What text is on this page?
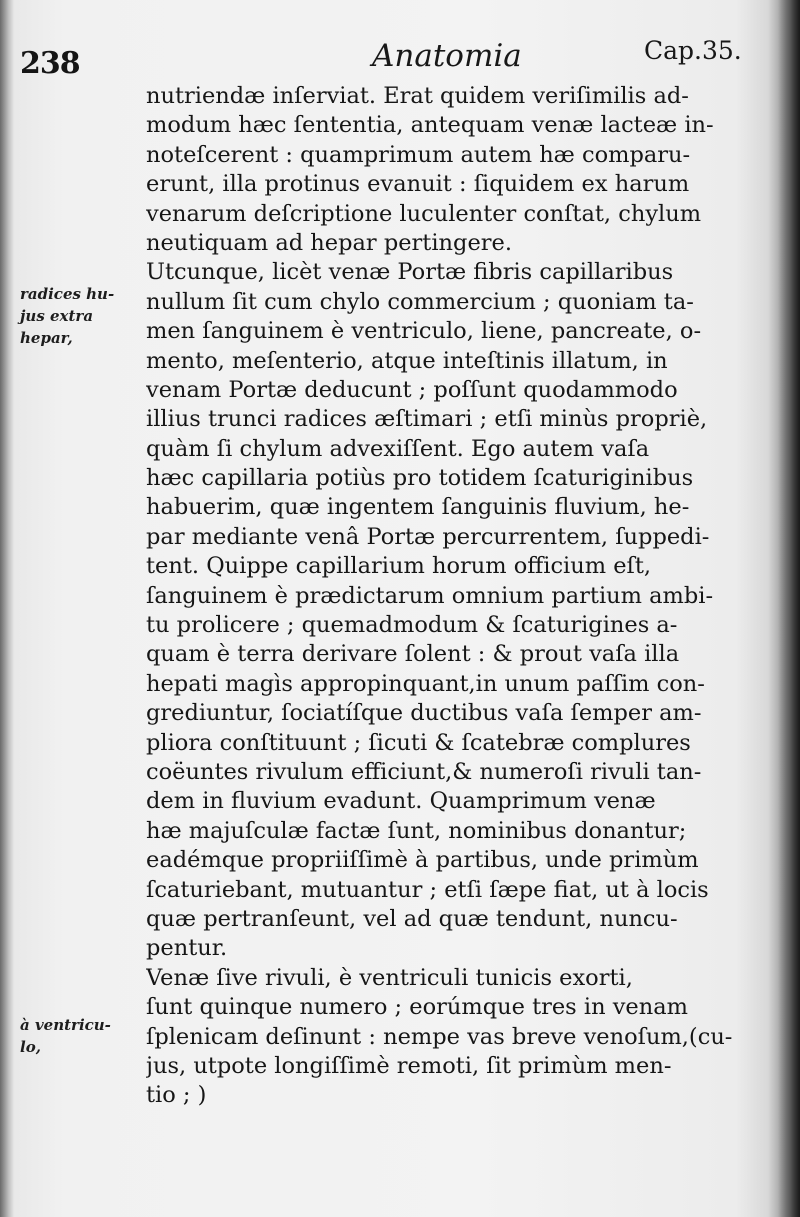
238	Anatomia	Cap.35.
radices hu-
jus extra
hepar,
à ventricu-
lo,
nutriendæ inſerviat. Erat quidem veriſimilis ad-
modum hæc ſententia, antequam venæ lacteæ in-
noteſcerent : quamprimum autem hæ comparu-
erunt, illa protinus evanuit : ſiquidem ex harum
venarum deſcriptione luculenter conſtat, chylum
neutiquam ad hepar pertingere.
Utcunque, licèt venæ Portæ fibris capillaribus
nullum ſit cum chylo commercium ; quoniam ta-
men ſanguinem è ventriculo, liene, pancreate, o-
mento, meſenterio, atque inteſtinis illatum, in
venam Portæ deducunt ; poſſunt quodammodo
illius trunci radices æſtimari ; etſi minùs propriè,
quàm ſi chylum advexiſſent. Ego autem vaſa
hæc capillaria potiùs pro totidem ſcaturiginibus
habuerim, quæ ingentem ſanguinis fluvium, he-
par mediante venâ Portæ percurrentem, ſuppedi-
tent. Quippe capillarium horum officium eſt,
ſanguinem è prædictarum omnium partium ambi-
tu prolicere ; quemadmodum & ſcaturigines a-
quam è terra derivare ſolent : & prout vaſa illa
hepati magìs appropinquant,in unum paſſim con-
grediuntur, ſociatíſque ductibus vaſa ſemper am-
pliora conſtituunt ; ſicuti & ſcatebræ complures
coëuntes rivulum efficiunt,& numeroſi rivuli tan-
dem in fluvium evadunt. Quamprimum venæ
hæ majuſculæ factæ ſunt, nominibus donantur;
eadémque propriiſſimè à partibus, unde primùm
ſcaturiebant, mutuantur ; etſi ſæpe fiat, ut à locis
quæ pertranſeunt, vel ad quæ tendunt, nuncu-
pentur.
Venæ ſive rivuli, è ventriculi tunicis exorti,
ſunt quinque numero ; eorúmque tres in venam
ſplenicam deſinunt : nempe vas breve venoſum,(cu-
jus, utpote longiſſimè remoti, ſit primùm men-
tio ; )
